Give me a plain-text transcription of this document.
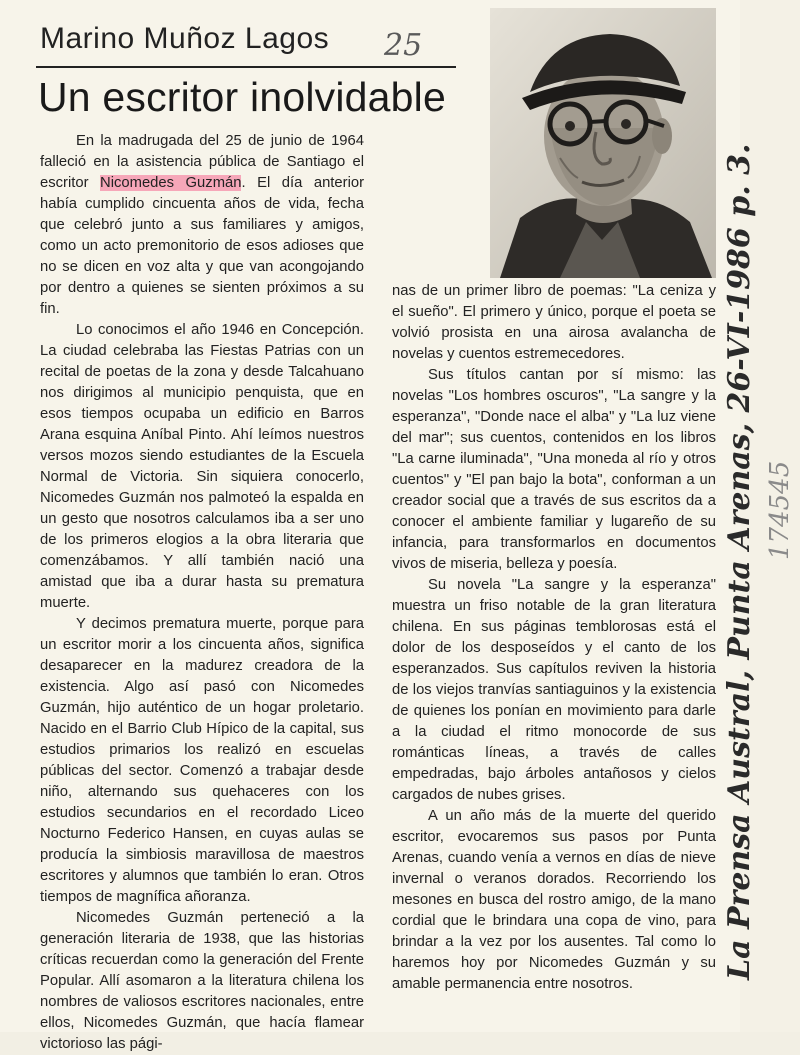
Marino Muñoz Lagos 25
Un escritor inolvidable

En la madrugada del 25 de junio de 1964 falleció en la asistencia pública de Santiago el escritor Nicomedes Guzmán. El día anterior había cumplido cincuenta años de vida, fecha que celebró junto a sus familiares y amigos, como un acto premonitorio de esos adioses que no se dicen en voz alta y que van acongojando por dentro a quienes se sienten próximos a su fin.

Lo conocimos el año 1946 en Concepción. La ciudad celebraba las Fiestas Patrias con un recital de poetas de la zona y desde Talcahuano nos dirigimos al municipio penquista, que en esos tiempos ocupaba un edificio en Barros Arana esquina Aníbal Pinto. Ahí leímos nuestros versos mozos siendo estudiantes de la Escuela Normal de Victoria. Sin siquiera conocerlo, Nicomedes Guzmán nos palmoteó la espalda en un gesto que nosotros calculamos iba a ser uno de los primeros elogios a la obra literaria que comenzábamos. Y allí también nació una amistad que iba a durar hasta su prematura muerte.

Y decimos prematura muerte, porque para un escritor morir a los cincuenta años, significa desaparecer en la madurez creadora de la existencia. Algo así pasó con Nicomedes Guzmán, hijo auténtico de un hogar proletario. Nacido en el Barrio Club Hípico de la capital, sus estudios primarios los realizó en escuelas públicas del sector. Comenzó a trabajar desde niño, alternando sus quehaceres con los estudios secundarios en el recordado Liceo Nocturno Federico Hansen, en cuyas aulas se producía la simbiosis maravillosa de maestros escritores y alumnos que también lo eran. Otros tiempos de magnífica añoranza.

Nicomedes Guzmán perteneció a la generación literaria de 1938, que las historias críticas recuerdan como la generación del Frente Popular. Allí asomaron a la literatura chilena los nombres de valiosos escritores nacionales, entre ellos, Nicomedes Guzmán, que hacía flamear victorioso las pági-

nas de un primer libro de poemas: "La ceniza y el sueño". El primero y único, porque el poeta se volvió prosista en una airosa avalancha de novelas y cuentos estremecedores.

Sus títulos cantan por sí mismo: las novelas "Los hombres oscuros", "La sangre y la esperanza", "Donde nace el alba" y "La luz viene del mar"; sus cuentos, contenidos en los libros "La carne iluminada", "Una moneda al río y otros cuentos" y "El pan bajo la bota", conforman a un creador social que a través de sus escritos da a conocer el ambiente familiar y lugareño de su infancia, para transformarlos en documentos vivos de miseria, belleza y poesía.

Su novela "La sangre y la esperanza" muestra un friso notable de la gran literatura chilena. En sus páginas temblorosas está el dolor de los desposeídos y el canto de los esperanzados. Sus capítulos reviven la historia de los viejos tranvías santiaguinos y la existencia de quienes los ponían en movimiento para darle a la ciudad el ritmo monocorde de sus románticas líneas, a través de calles empedradas, bajo árboles antañosos y cielos cargados de nubes grises.

A un año más de la muerte del querido escritor, evocaremos sus pasos por Punta Arenas, cuando venía a vernos en días de nieve invernal o veranos dorados. Recorriendo los mesones en busca del rostro amigo, de la mano cordial que le brindara una copa de vino, para brindar a la vez por los ausentes. Tal como lo haremos hoy por Nicomedes Guzmán y su amable permanencia entre nosotros.

La Prensa Austral, Punta Arenas, 26-VI-1986 p. 3. 174545
